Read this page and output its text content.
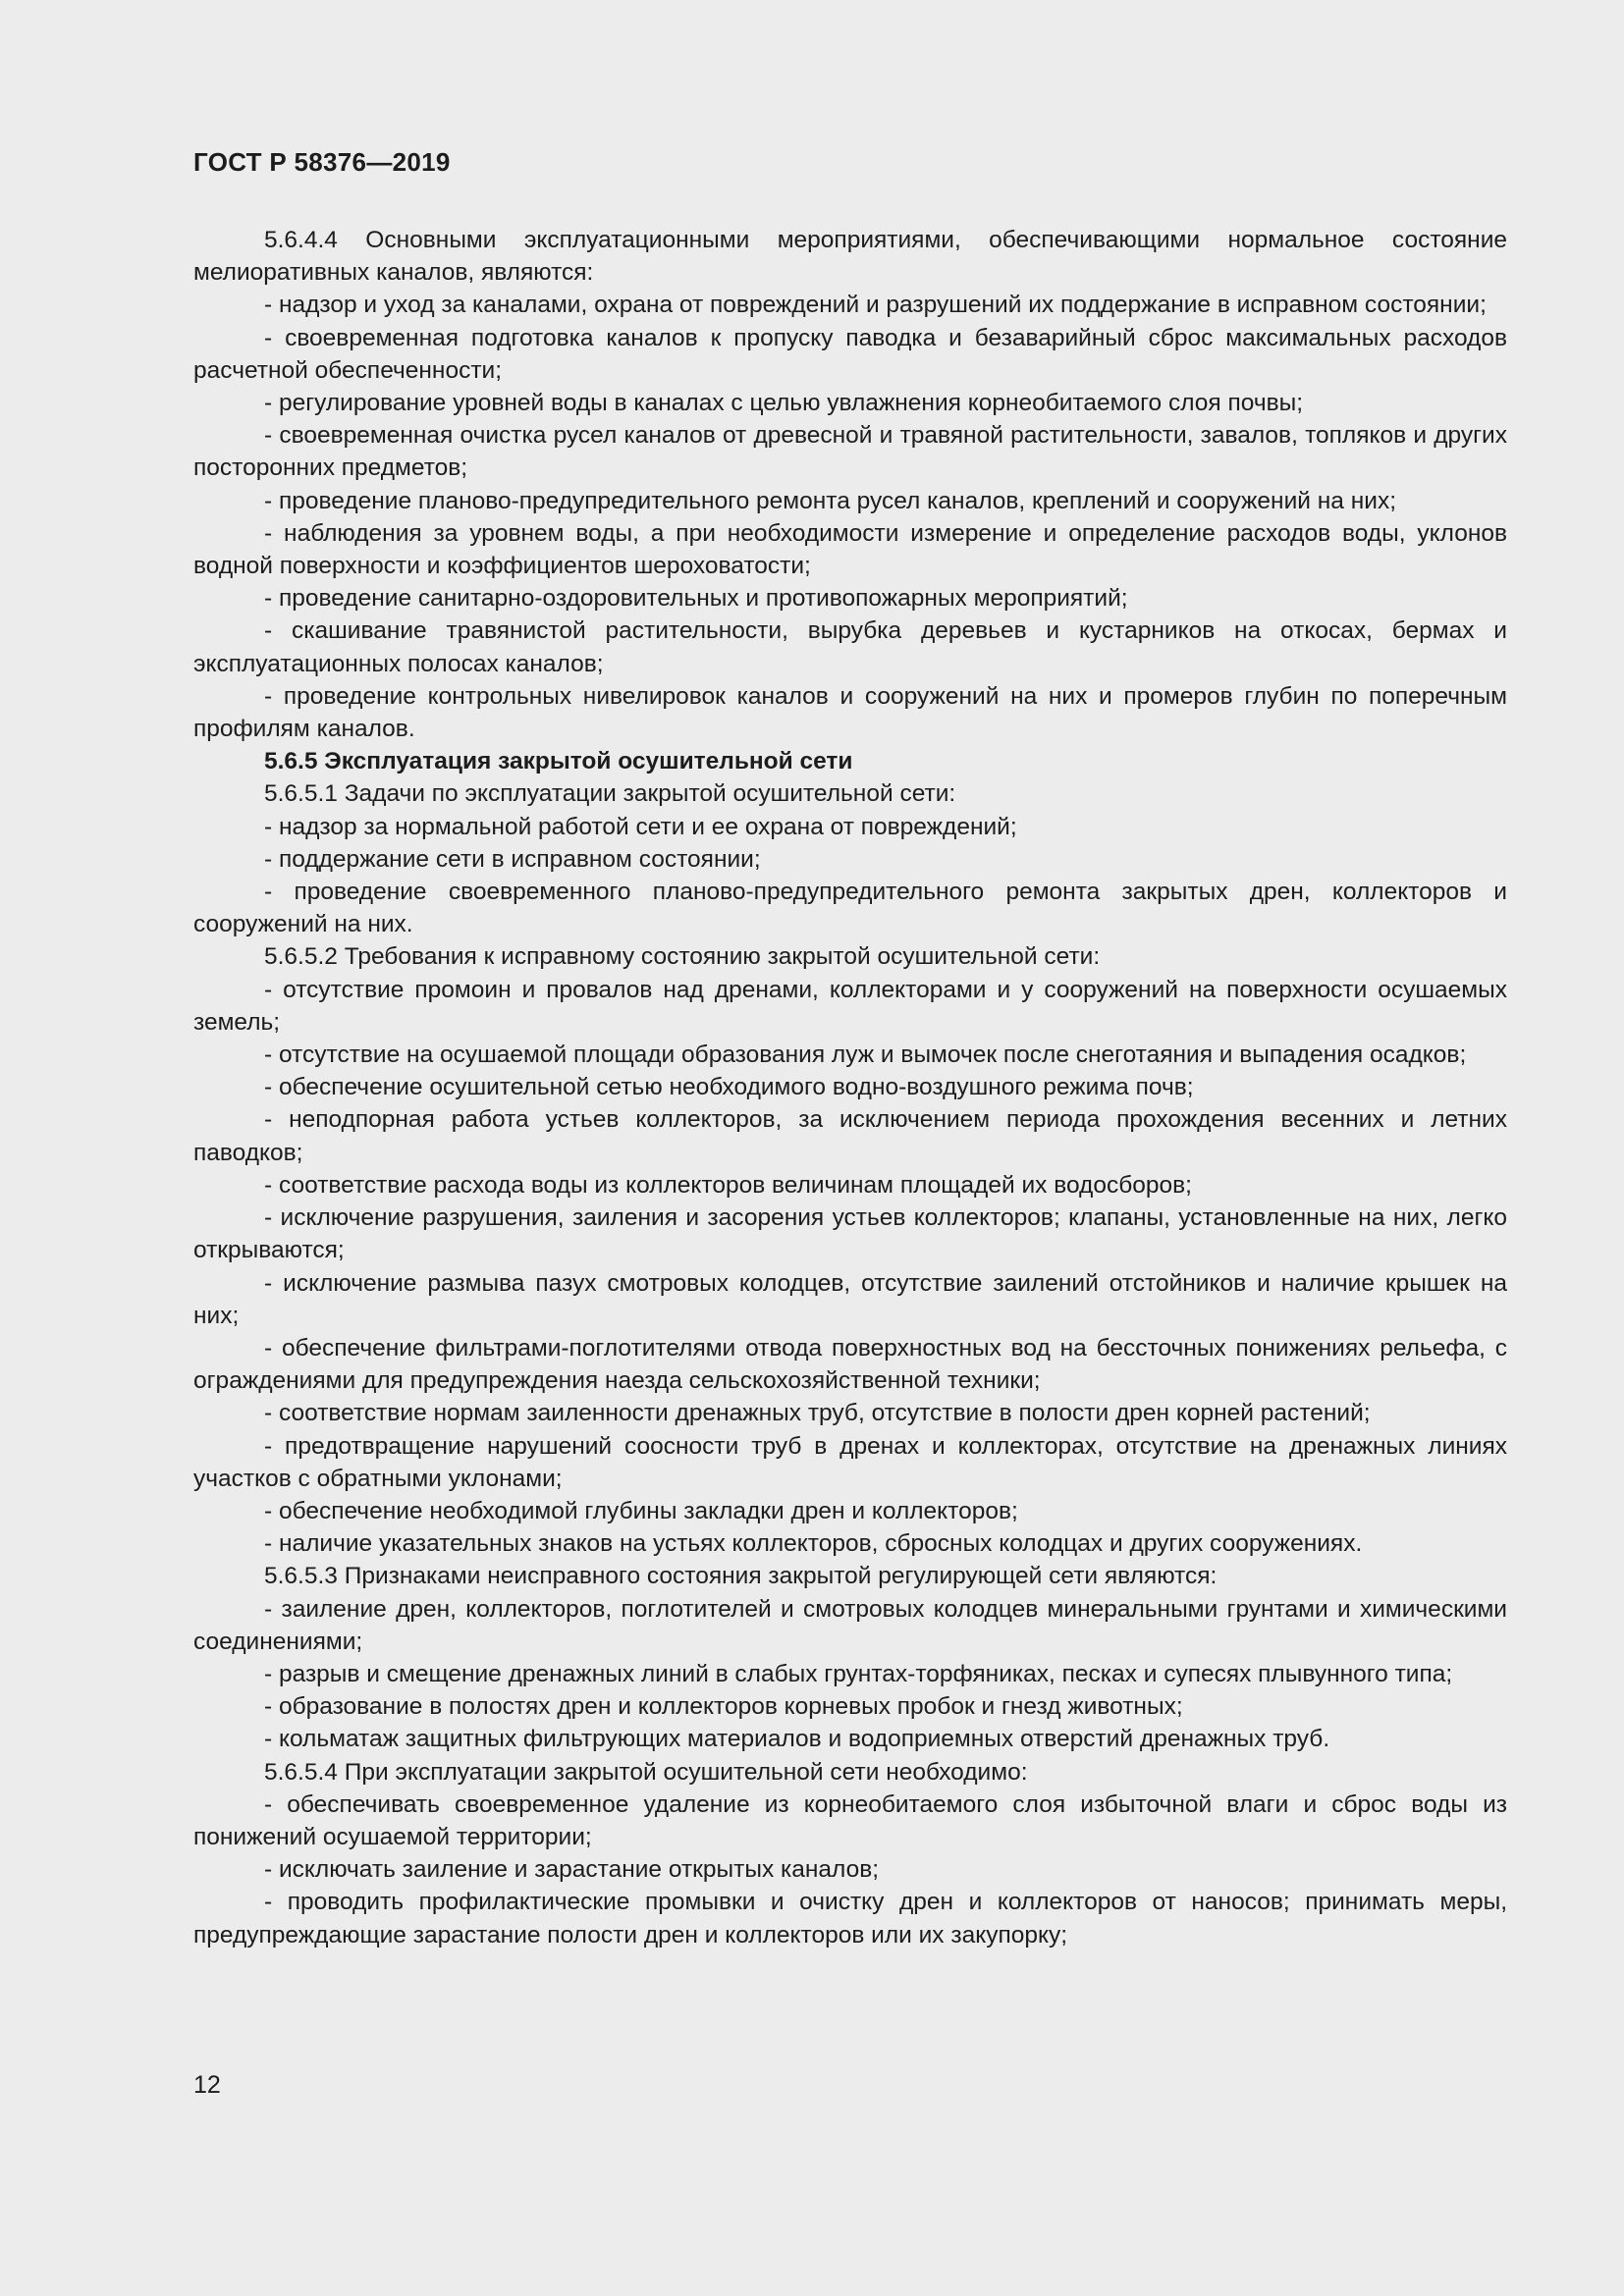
ГОСТ Р 58376—2019

5.6.4.4 Основными эксплуатационными мероприятиями, обеспечивающими нормальное состояние мелиоративных каналов, являются:

- надзор и уход за каналами, охрана от повреждений и разрушений их поддержание в исправном состоянии;

- своевременная подготовка каналов к пропуску паводка и безаварийный сброс максимальных расходов расчетной обеспеченности;

- регулирование уровней воды в каналах с целью увлажнения корнеобитаемого слоя почвы;

- своевременная очистка русел каналов от древесной и травяной растительности, завалов, топляков и других посторонних предметов;

- проведение планово-предупредительного ремонта русел каналов, креплений и сооружений на них;

- наблюдения за уровнем воды, а при необходимости измерение и определение расходов воды, уклонов водной поверхности и коэффициентов шероховатости;

- проведение санитарно-оздоровительных и противопожарных мероприятий;

- скашивание травянистой растительности, вырубка деревьев и кустарников на откосах, бермах и эксплуатационных полосах каналов;

- проведение контрольных нивелировок каналов и сооружений на них и промеров глубин по поперечным профилям каналов.

5.6.5 Эксплуатация закрытой осушительной сети

5.6.5.1 Задачи по эксплуатации закрытой осушительной сети:

- надзор за нормальной работой сети и ее охрана от повреждений;

- поддержание сети в исправном состоянии;

- проведение своевременного планово-предупредительного ремонта закрытых дрен, коллекторов и сооружений на них.

5.6.5.2 Требования к исправному состоянию закрытой осушительной сети:

- отсутствие промоин и провалов над дренами, коллекторами и у сооружений на поверхности осушаемых земель;

- отсутствие на осушаемой площади образования луж и вымочек после снеготаяния и выпадения осадков;

- обеспечение осушительной сетью необходимого водно-воздушного режима почв;

- неподпорная работа устьев коллекторов, за исключением периода прохождения весенних и летних паводков;

- соответствие расхода воды из коллекторов величинам площадей их водосборов;

- исключение разрушения, заиления и засорения устьев коллекторов; клапаны, установленные на них, легко открываются;

- исключение размыва пазух смотровых колодцев, отсутствие заилений отстойников и наличие крышек на них;

- обеспечение фильтрами-поглотителями отвода поверхностных вод на бессточных понижениях рельефа, с ограждениями для предупреждения наезда сельскохозяйственной техники;

- соответствие нормам заиленности дренажных труб, отсутствие в полости дрен корней растений;

- предотвращение нарушений соосности труб в дренах и коллекторах, отсутствие на дренажных линиях участков с обратными уклонами;

- обеспечение необходимой глубины закладки дрен и коллекторов;

- наличие указательных знаков на устьях коллекторов, сбросных колодцах и других сооружениях.

5.6.5.3 Признаками неисправного состояния закрытой регулирующей сети являются:

- заиление дрен, коллекторов, поглотителей и смотровых колодцев минеральными грунтами и химическими соединениями;

- разрыв и смещение дренажных линий в слабых грунтах-торфяниках, песках и супесях плывунного типа;

- образование в полостях дрен и коллекторов корневых пробок и гнезд животных;

- кольматаж защитных фильтрующих материалов и водоприемных отверстий дренажных труб.

5.6.5.4 При эксплуатации закрытой осушительной сети необходимо:

- обеспечивать своевременное удаление из корнеобитаемого слоя избыточной влаги и сброс воды из понижений осушаемой территории;

- исключать заиление и зарастание открытых каналов;

- проводить профилактические промывки и очистку дрен и коллекторов от наносов; принимать меры, предупреждающие зарастание полости дрен и коллекторов или их закупорку;

12
